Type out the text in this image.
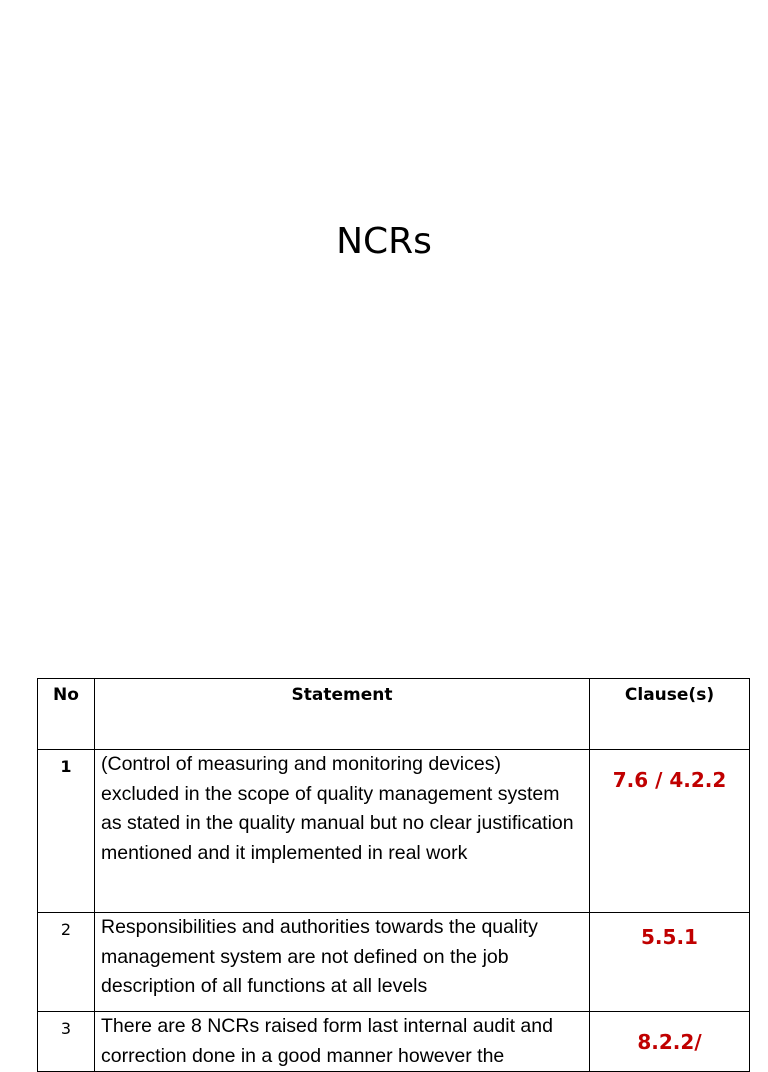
NCRs
No	Statement	Clause(s)
1	(Control of measuring and monitoring devices) excluded in the scope of quality management system as stated in the quality manual but no clear justification mentioned and it implemented in real work	7.6 / 4.2.2
2	Responsibilities and authorities towards the quality management system are not defined on the job description of all functions at all levels	5.5.1
3	There are 8 NCRs raised form last internal audit and correction done in a good manner however the	8.2.2/
